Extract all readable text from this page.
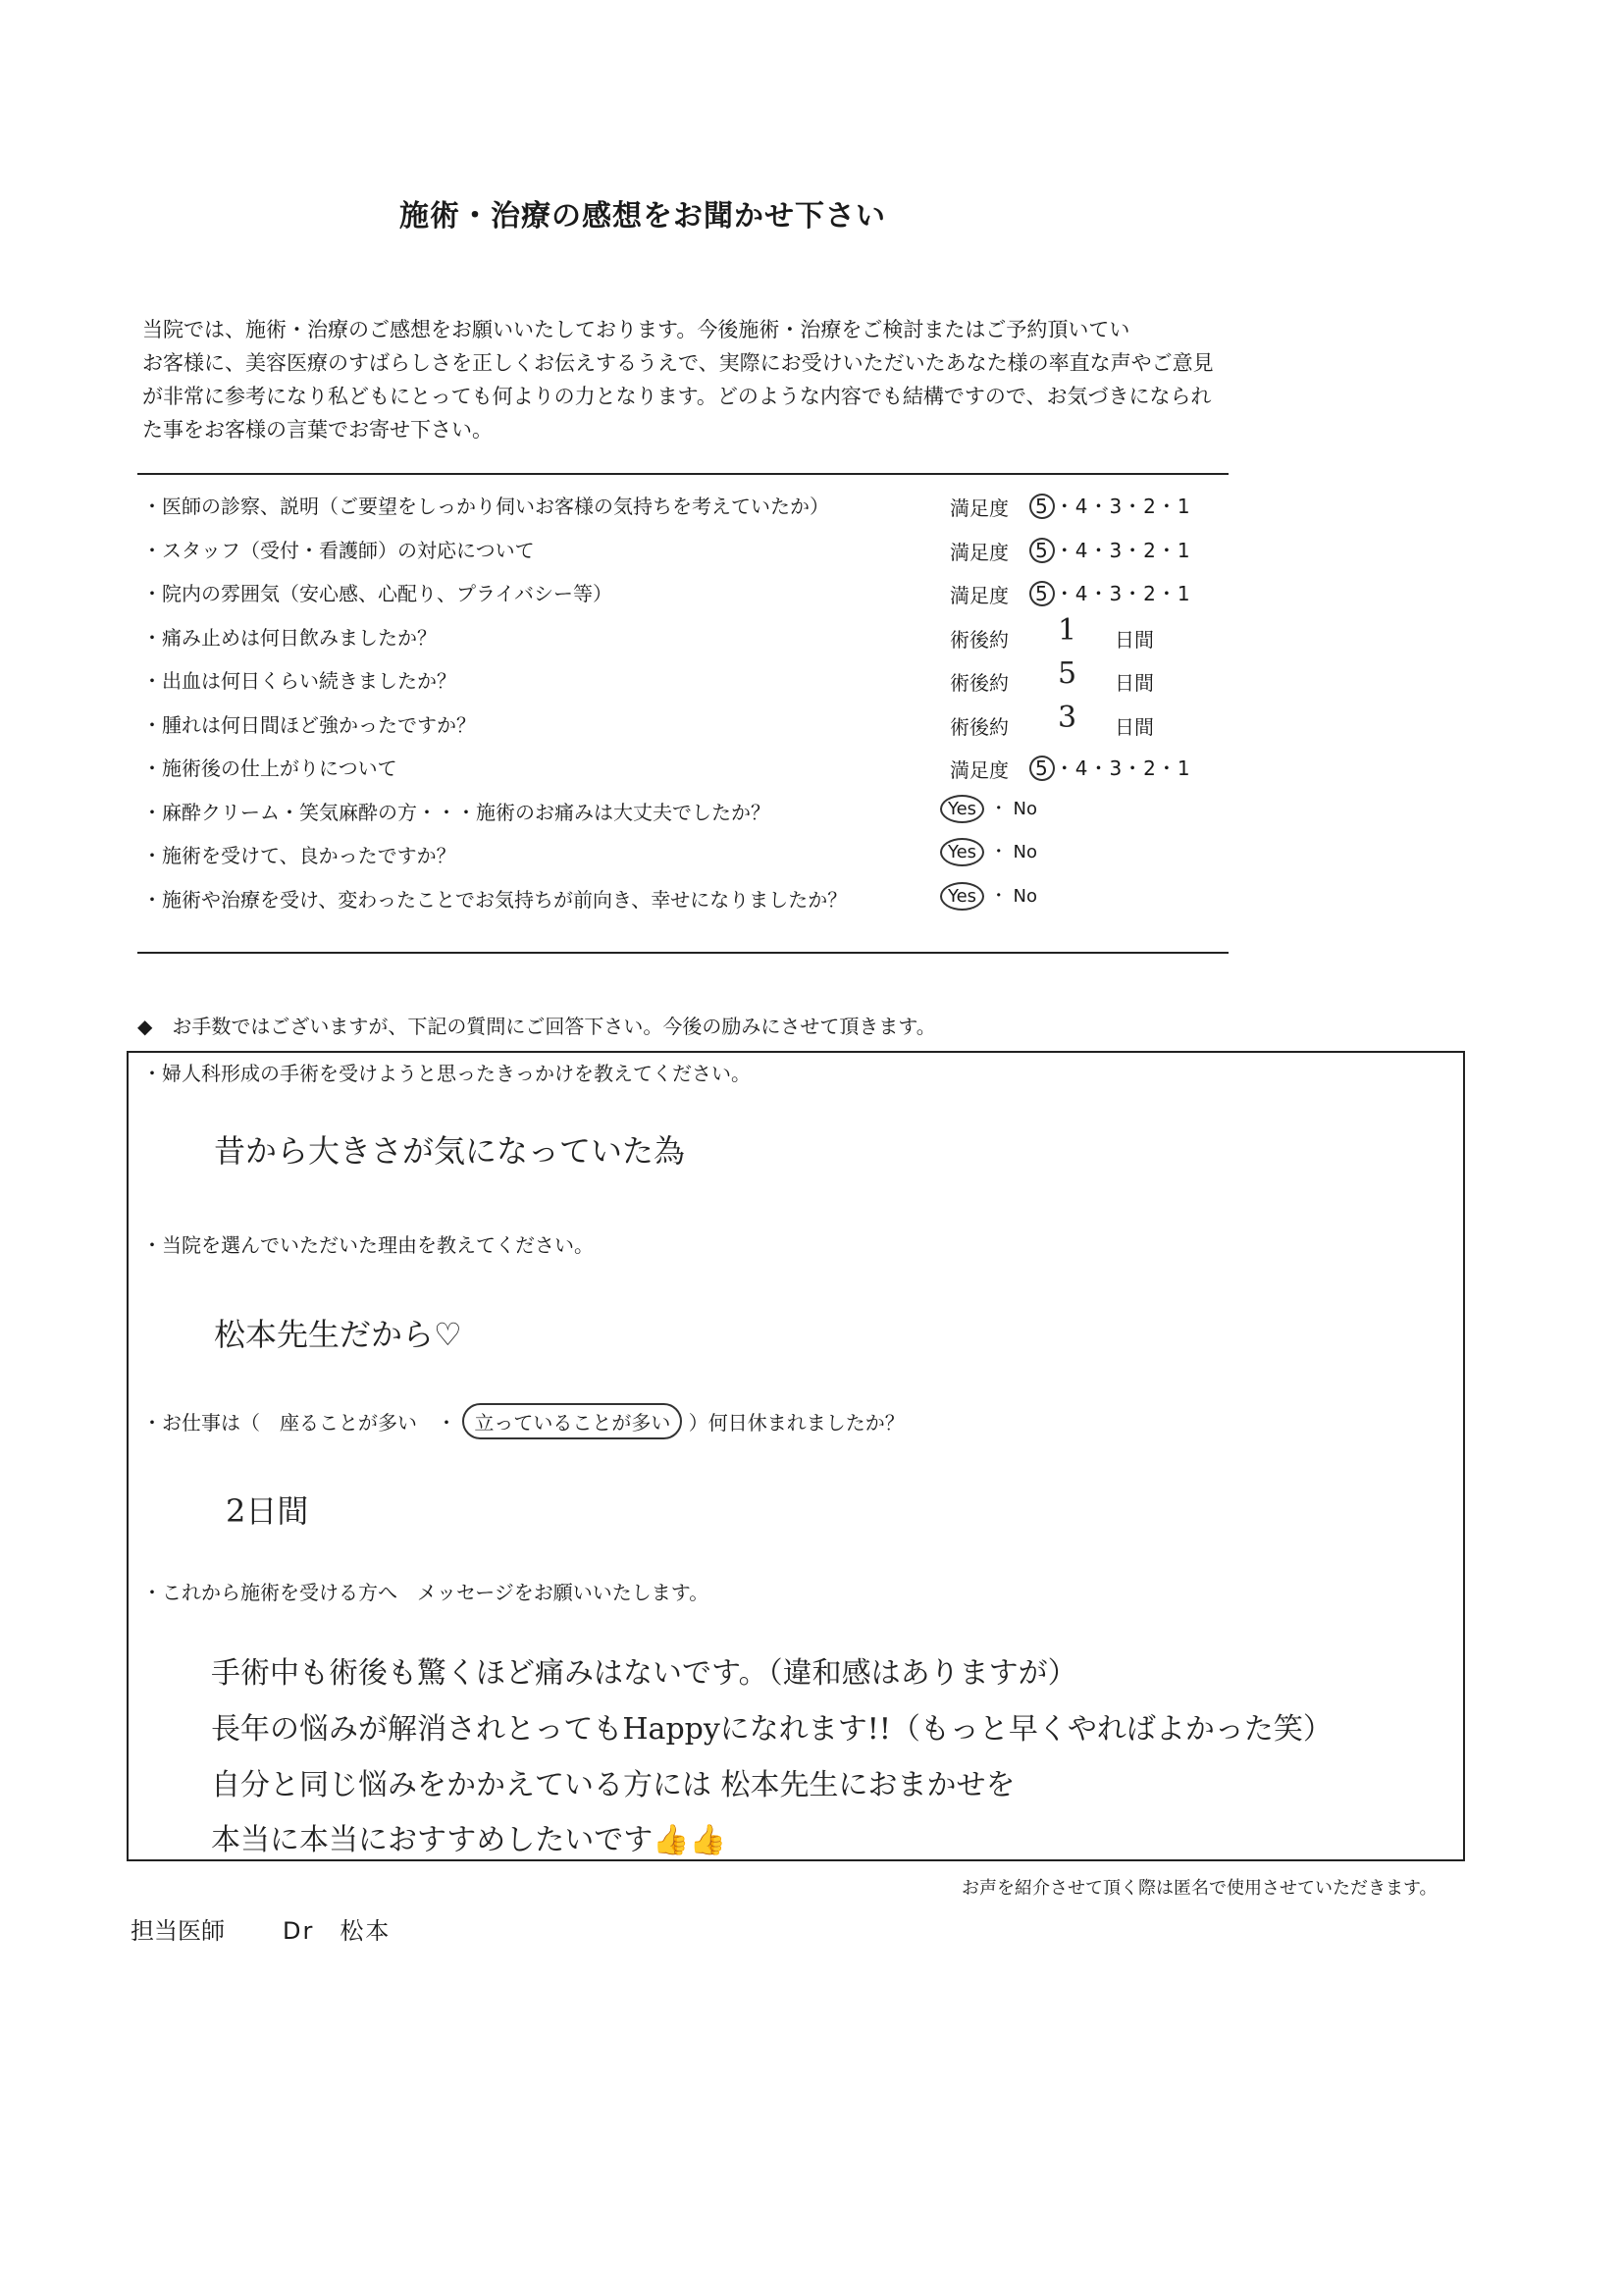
施術・治療の感想をお聞かせ下さい
当院では、施術・治療のご感想をお願いいたしております。今後施術・治療をご検討またはご予約頂いてい
お客様に、美容医療のすばらしさを正しくお伝えするうえで、実際にお受けいただいたあなた様の率直な声やご意見
が非常に参考になり私どもにとっても何よりの力となります。どのような内容でも結構ですので、お気づきになられ
た事をお客様の言葉でお寄せ下さい。
・医師の診察、説明（ご要望をしっかり伺いお客様の気持ちを考えていたか）	満足度	5 ・4・3・2・1
・スタッフ（受付・看護師）の対応について	満足度	5 ・4・3・2・1
・院内の雰囲気（安心感、心配り、プライバシー等）	満足度	5 ・4・3・2・1
・痛み止めは何日飲みましたか？	術後約 1 日間
・出血は何日くらい続きましたか？	術後約 5 日間
・腫れは何日間ほど強かったですか？	術後約 3 日間
・施術後の仕上がりについて	満足度	5 ・4・3・2・1
・麻酔クリーム・笑気麻酔の方・・・施術のお痛みは大丈夫でしたか？	Yes ・ No
・施術を受けて、良かったですか？	Yes ・ No
・施術や治療を受け、変わったことでお気持ちが前向き、幸せになりましたか？	Yes ・ No
◆　お手数ではございますが、下記の質問にご回答下さい。今後の励みにさせて頂きます。
・婦人科形成の手術を受けようと思ったきっかけを教えてください。
昔から大きさが気になっていた為
・当院を選んでいただいた理由を教えてください。
松本先生だから♡
・お仕事は（　座ることが多い　・ 立っていることが多い ）何日休まれましたか？
2日間
・これから施術を受ける方へ　メッセージをお願いいたします。
手術中も術後も驚くほど痛みはないです。（違和感はありますが）
長年の悩みが解消されとってもHappyになれます!!（もっと早くやればよかった笑）
自分と同じ悩みをかかえている方には 松本先生におまかせを
本当に本当におすすめしたいです👍👍
お声を紹介させて頂く際は匿名で使用させていただきます。
担当医師 Dr　松本
